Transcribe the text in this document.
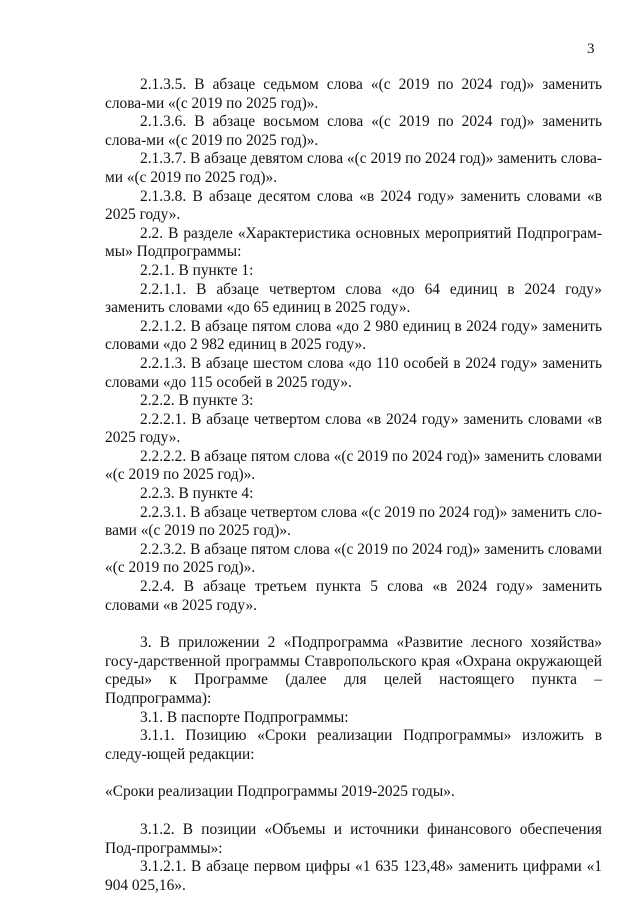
3

2.1.3.5. В абзаце седьмом слова «(с 2019 по 2024 год)» заменить слова-ми «(с 2019 по 2025 год)».

2.1.3.6. В абзаце восьмом слова «(с 2019 по 2024 год)» заменить слова-ми «(с 2019 по 2025 год)».

2.1.3.7. В абзаце девятом слова «(с 2019 по 2024 год)» заменить слова-ми «(с 2019 по 2025 год)».

2.1.3.8. В абзаце десятом слова «в 2024 году» заменить словами «в 2025 году».

2.2. В разделе «Характеристика основных мероприятий Подпрограм-мы» Подпрограммы:

2.2.1. В пункте 1:

2.2.1.1. В абзаце четвертом слова «до 64 единиц в 2024 году» заменить словами «до 65 единиц в 2025 году».

2.2.1.2. В абзаце пятом слова «до 2 980 единиц в 2024 году» заменить словами «до 2 982 единиц в 2025 году».

2.2.1.3. В абзаце шестом слова «до 110 особей в 2024 году» заменить словами «до 115 особей в 2025 году».

2.2.2. В пункте 3:

2.2.2.1. В абзаце четвертом слова «в 2024 году» заменить словами «в 2025 году».

2.2.2.2. В абзаце пятом слова «(с 2019 по 2024 год)» заменить словами «(с 2019 по 2025 год)».

2.2.3. В пункте 4:

2.2.3.1. В абзаце четвертом слова «(с 2019 по 2024 год)» заменить сло-вами «(с 2019 по 2025 год)».

2.2.3.2. В абзаце пятом слова «(с 2019 по 2024 год)» заменить словами «(с 2019 по 2025 год)».

2.2.4. В абзаце третьем пункта 5 слова «в 2024 году» заменить словами «в 2025 году».

3. В приложении 2 «Подпрограмма «Развитие лесного хозяйства» госу-дарственной программы Ставропольского края «Охрана окружающей среды» к Программе (далее для целей настоящего пункта – Подпрограмма):

3.1. В паспорте Подпрограммы:

3.1.1. Позицию «Сроки реализации Подпрограммы» изложить в следу-ющей редакции:

«Сроки реализации Подпрограммы 2019-2025 годы».

3.1.2. В позиции «Объемы и источники финансового обеспечения Под-программы»:

3.1.2.1. В абзаце первом цифры «1 635 123,48» заменить цифрами «1 904 025,16».
